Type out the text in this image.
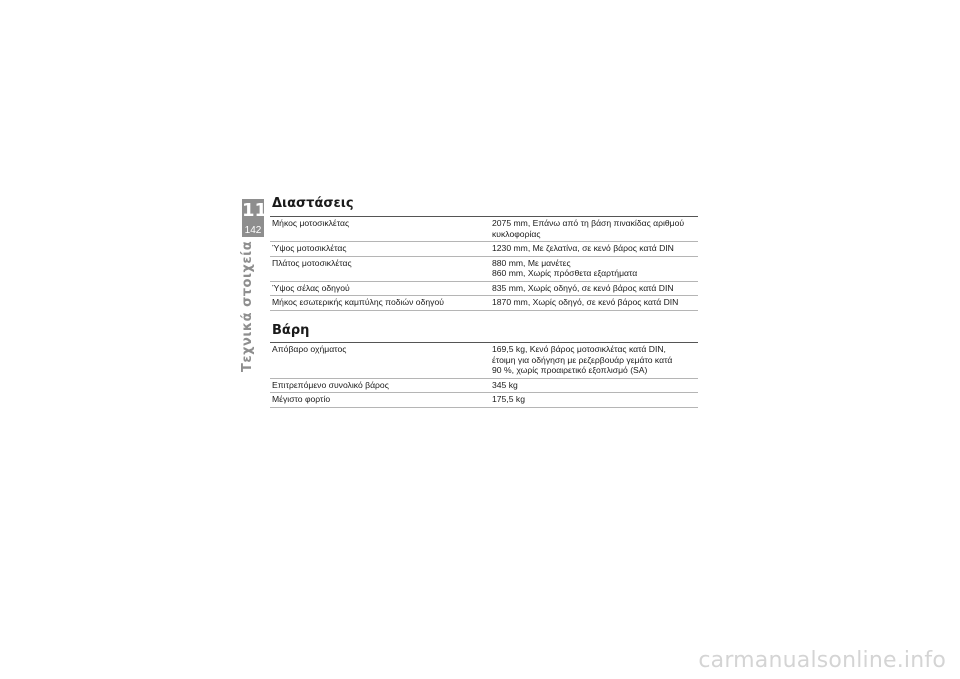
11
142
Τεχνικά στοιχεία
Διαστάσεις
Μήκος μοτοσικλέτας	2075 mm, Επάνω από τη βάση πινακίδας αριθμού
κυκλοφορίας

Ύψος μοτοσικλέτας	1230 mm, Με ζελατίνα, σε κενό βάρος κατά DIN

Πλάτος μοτοσικλέτας	880 mm, Με μανέτες
860 mm, Χωρίς πρόσθετα εξαρτήματα

Ύψος σέλας οδηγού	835 mm, Χωρίς οδηγό, σε κενό βάρος κατά DIN

Μήκος εσωτερικής καμπύλης ποδιών οδηγού	1870 mm, Χωρίς οδηγό, σε κενό βάρος κατά DIN
Βάρη
Απόβαρο οχήματος	169,5 kg, Κενό βάρος μοτοσικλέτας κατά DIN,
έτοιμη για οδήγηση με ρεζερβουάρ γεμάτο κατά
90 %, χωρίς προαιρετικό εξοπλισμό (SA)

Επιτρεπόμενο συνολικό βάρος	345 kg

Μέγιστο φορτίο	175,5 kg
carmanualsonline.info
